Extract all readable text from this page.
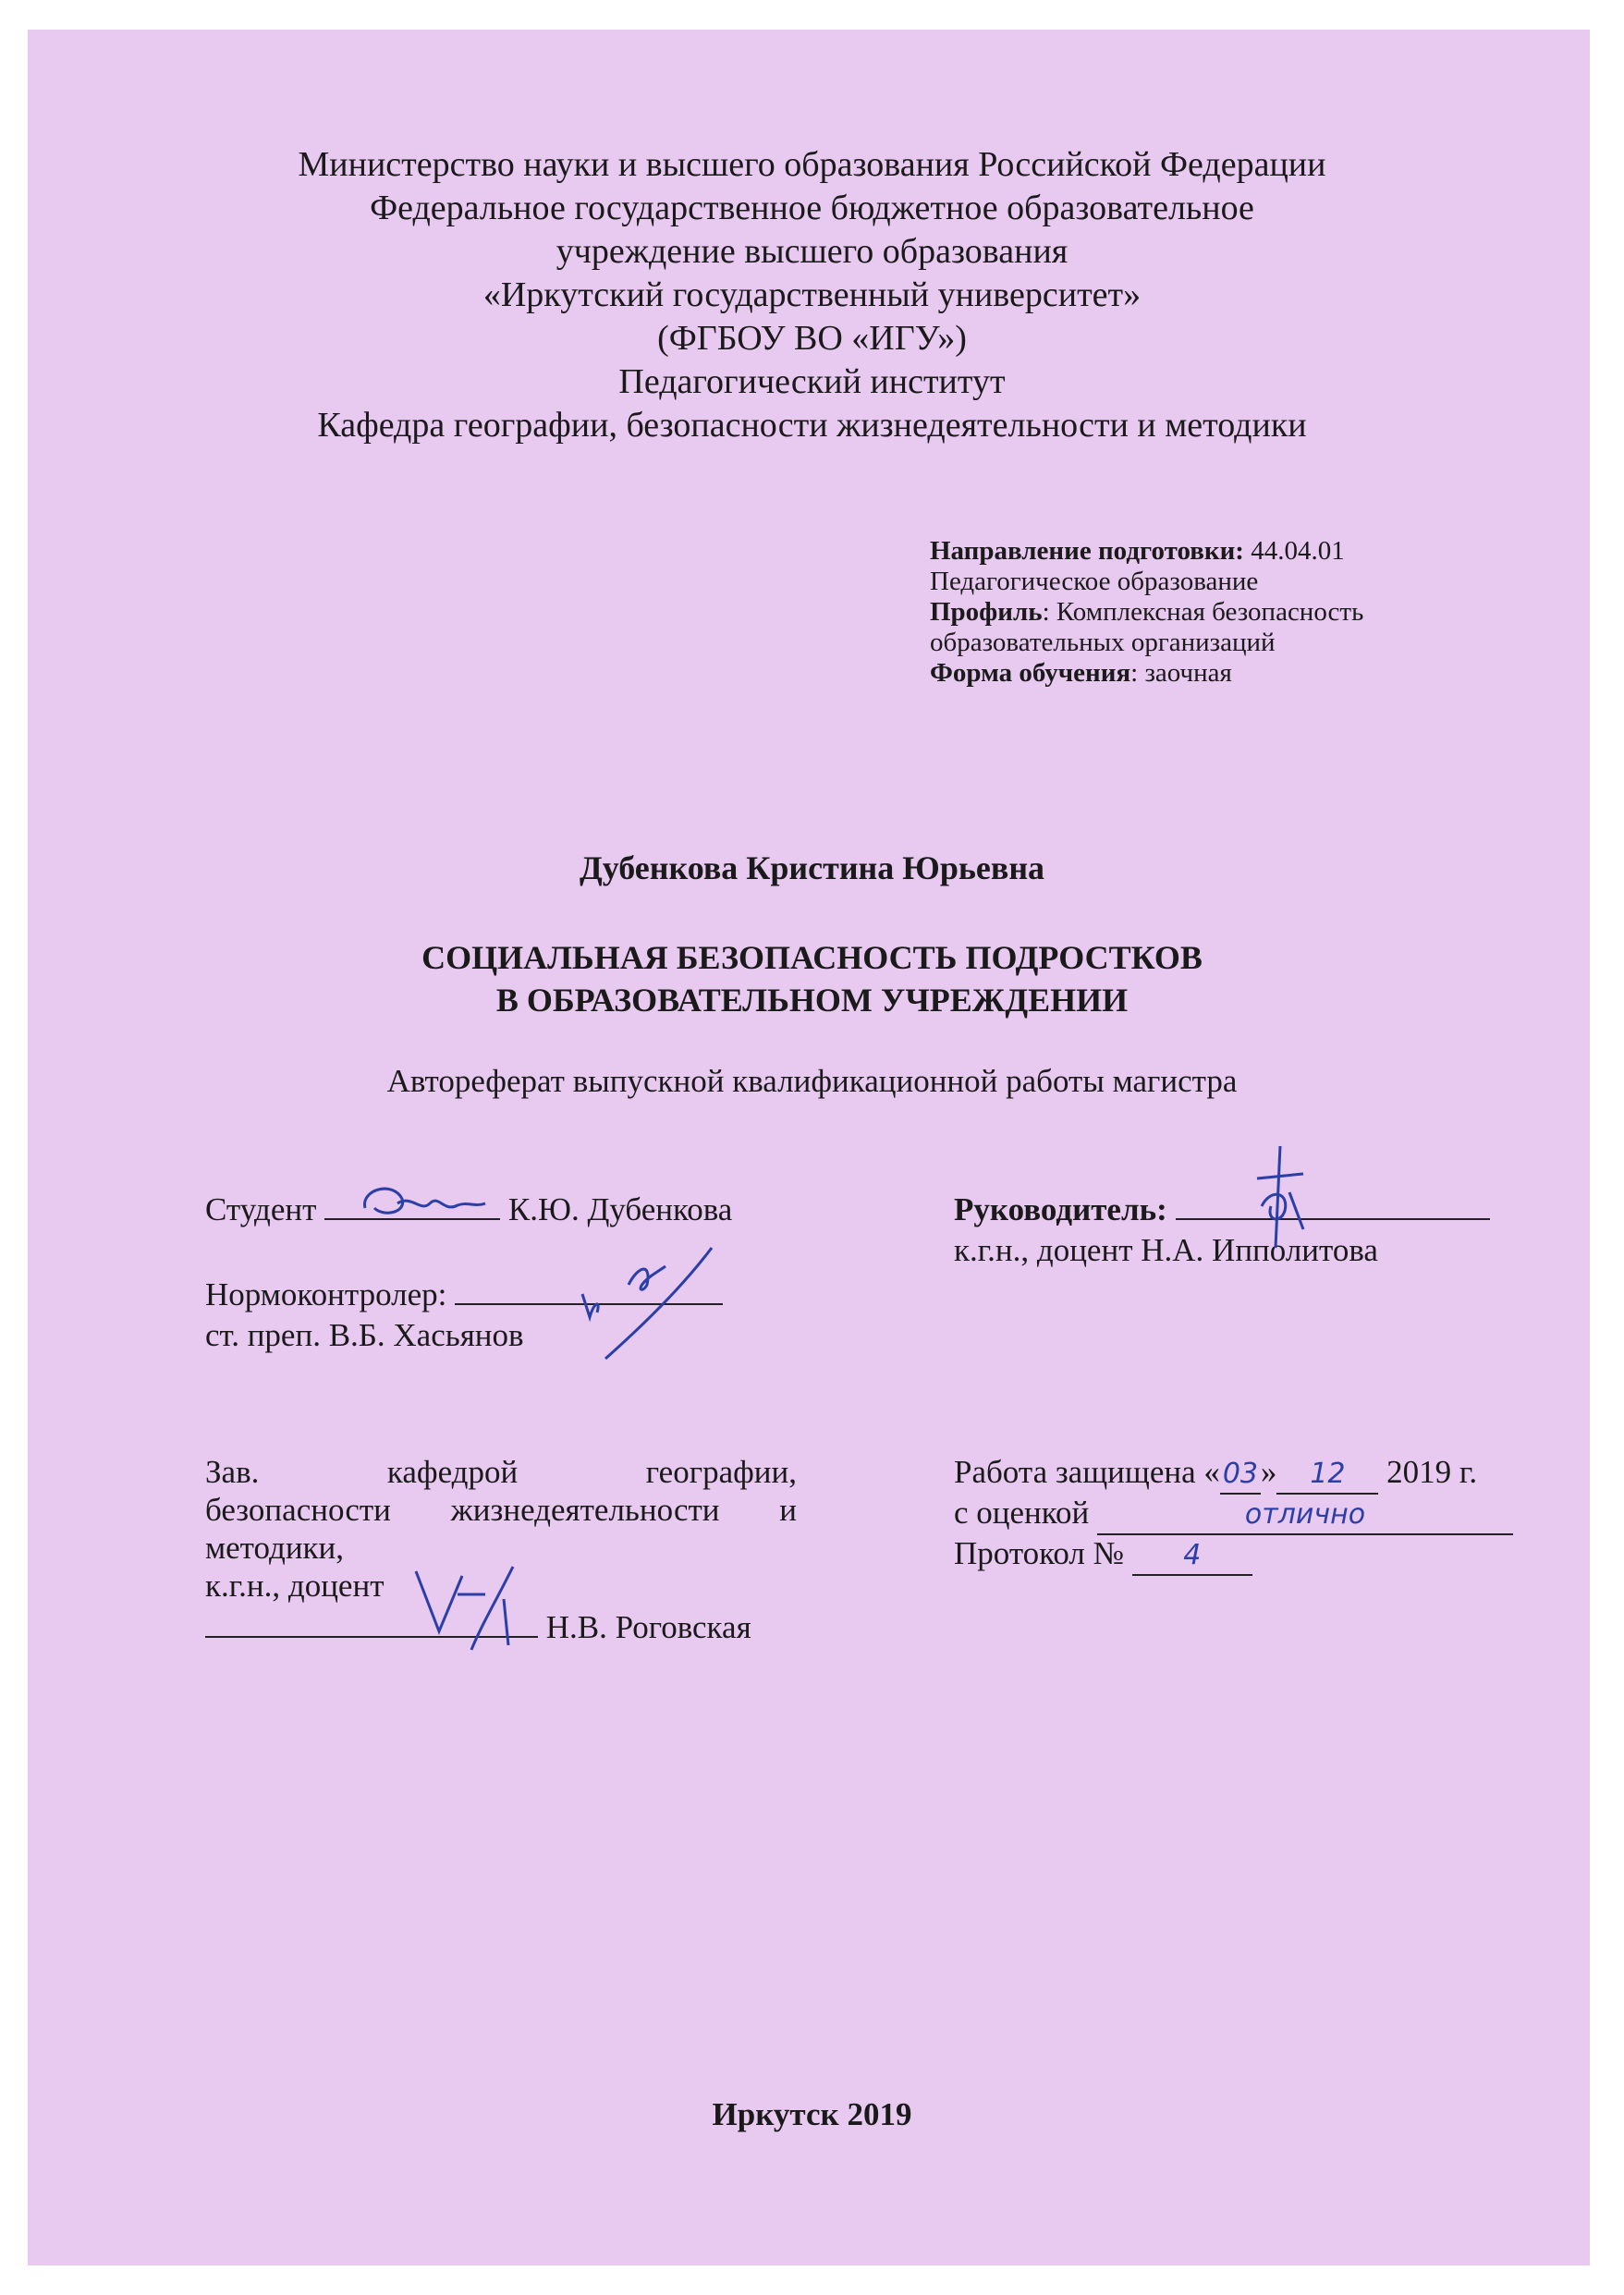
Министерство науки и высшего образования Российской Федерации
Федеральное государственное бюджетное образовательное
учреждение высшего образования
«Иркутский государственный университет»
(ФГБОУ ВО «ИГУ»)
Педагогический институт
Кафедра географии, безопасности жизнедеятельности и методики
Направление подготовки: 44.04.01
Педагогическое образование
Профиль: Комплексная безопасность
образовательных организаций
Форма обучения: заочная
Дубенкова Кристина Юрьевна
СОЦИАЛЬНАЯ БЕЗОПАСНОСТЬ ПОДРОСТКОВ
В ОБРАЗОВАТЕЛЬНОМ УЧРЕЖДЕНИИ
Автореферат выпускной квалификационной работы магистра
Студент	К.Ю. Дубенкова	Руководитель:
к.г.н., доцент Н.А. Ипполитова
Нормоконтролер:
ст. преп. В.Б. Хасьянов
Зав. кафедрой географии,
безопасности жизнедеятельности и
методики,
к.г.н., доцент
Н.В. Роговская
Работа защищена «03» 12 2019 г.
с оценкой	отлично
Протокол № 4
Иркутск 2019
